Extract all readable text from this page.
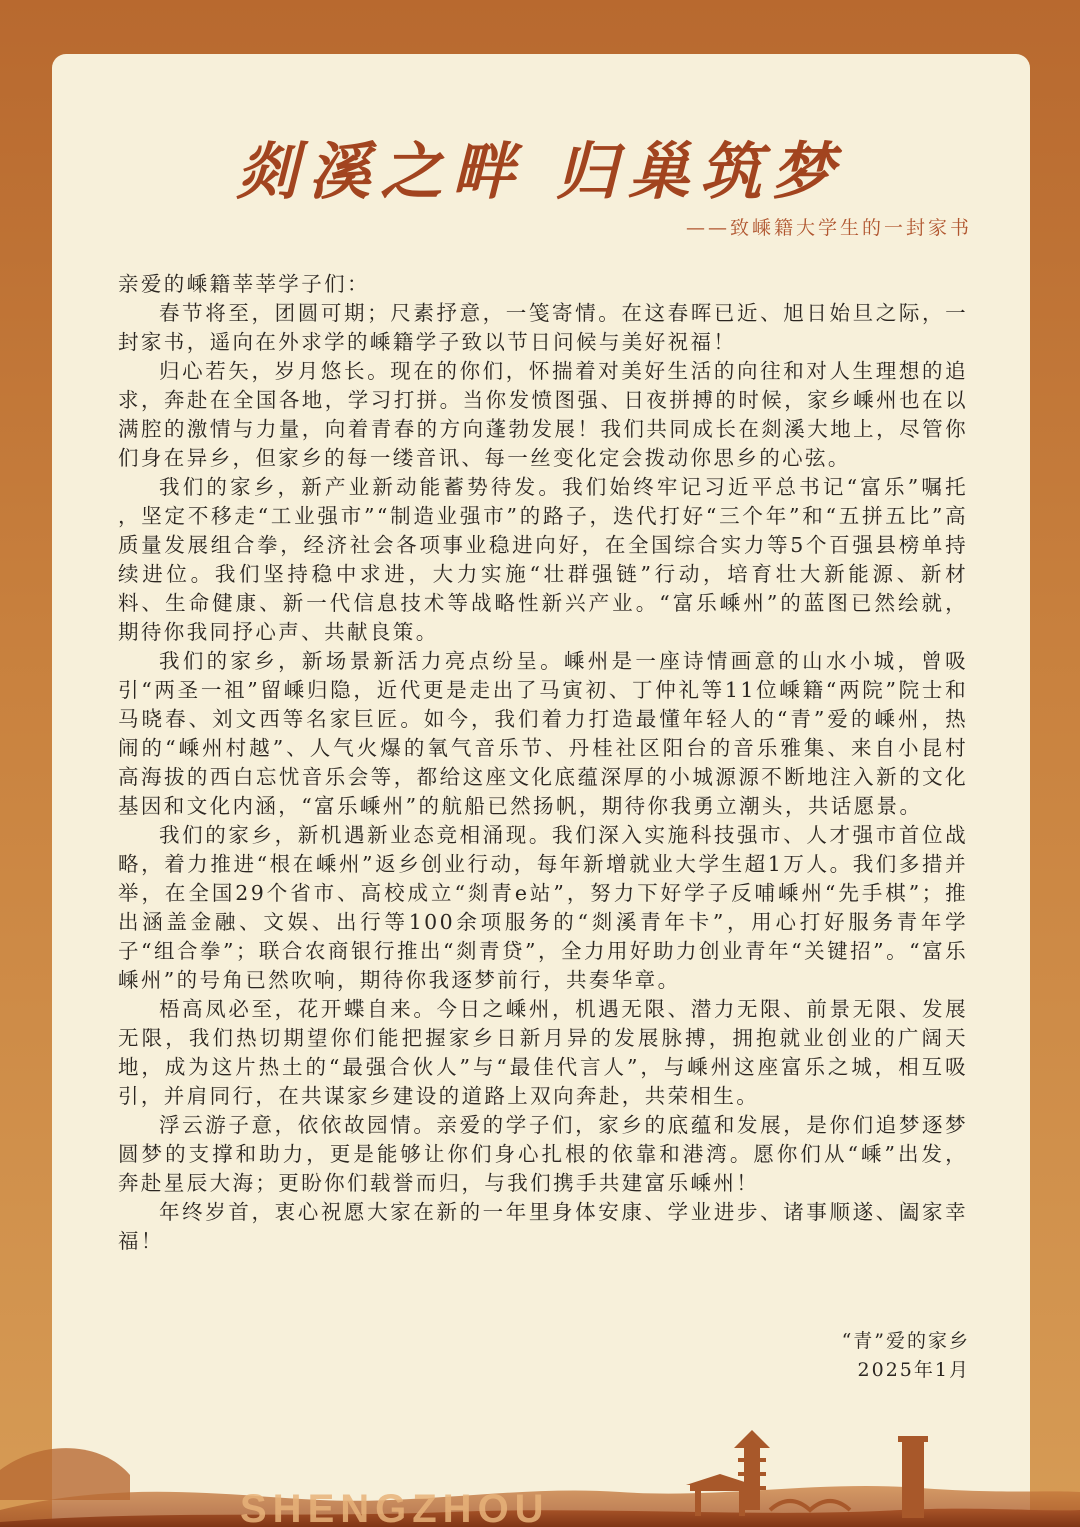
剡溪之畔 归巢筑梦
——致嵊籍大学生的一封家书

亲爱的嵊籍莘莘学子们：

春节将至，团圆可期；尺素抒意，一笺寄情。在这春晖已近、旭日始旦之际，一封家书，遥向在外求学的嵊籍学子致以节日问候与美好祝福！

归心若矢，岁月悠长。现在的你们，怀揣着对美好生活的向往和对人生理想的追求，奔赴在全国各地，学习打拼。当你发愤图强、日夜拼搏的时候，家乡嵊州也在以满腔的激情与力量，向着青春的方向蓬勃发展！我们共同成长在剡溪大地上，尽管你们身在异乡，但家乡的每一缕音讯、每一丝变化定会拨动你思乡的心弦。

我们的家乡，新产业新动能蓄势待发。我们始终牢记习近平总书记“富乐”嘱托 ，坚定不移走“工业强市”“制造业强市”的路子，迭代打好“三个年”和“五拼五比”高质量发展组合拳，经济社会各项事业稳进向好，在全国综合实力等5个百强县榜单持续进位。我们坚持稳中求进，大力实施“壮群强链”行动，培育壮大新能源、新材料、生命健康、新一代信息技术等战略性新兴产业。“富乐嵊州”的蓝图已然绘就，期待你我同抒心声、共献良策。

我们的家乡，新场景新活力亮点纷呈。嵊州是一座诗情画意的山水小城，曾吸引“两圣一祖”留嵊归隐，近代更是走出了马寅初、丁仲礼等11位嵊籍“两院”院士和马晓春、刘文西等名家巨匠。如今，我们着力打造最懂年轻人的“青”爱的嵊州，热闹的“嵊州村越”、人气火爆的氧气音乐节、丹桂社区阳台的音乐雅集、来自小昆村高海拔的西白忘忧音乐会等，都给这座文化底蕴深厚的小城源源不断地注入新的文化基因和文化内涵，“富乐嵊州”的航船已然扬帆，期待你我勇立潮头，共话愿景。

我们的家乡，新机遇新业态竞相涌现。我们深入实施科技强市、人才强市首位战略，着力推进“根在嵊州”返乡创业行动，每年新增就业大学生超1万人。我们多措并举，在全国29个省市、高校成立“剡青e站”，努力下好学子反哺嵊州“先手棋”；推出涵盖金融、文娱、出行等100余项服务的“剡溪青年卡”，用心打好服务青年学子“组合拳”；联合农商银行推出“剡青贷”，全力用好助力创业青年“关键招”。“富乐嵊州”的号角已然吹响，期待你我逐梦前行，共奏华章。

梧高凤必至，花开蝶自来。今日之嵊州，机遇无限、潜力无限、前景无限、发展无限，我们热切期望你们能把握家乡日新月异的发展脉搏，拥抱就业创业的广阔天地，成为这片热土的“最强合伙人”与“最佳代言人”，与嵊州这座富乐之城，相互吸引，并肩同行，在共谋家乡建设的道路上双向奔赴，共荣相生。

浮云游子意，依依故园情。亲爱的学子们，家乡的底蕴和发展，是你们追梦逐梦圆梦的支撑和助力，更是能够让你们身心扎根的依靠和港湾。愿你们从“嵊”出发，奔赴星辰大海；更盼你们载誉而归，与我们携手共建富乐嵊州！

年终岁首，衷心祝愿大家在新的一年里身体安康、学业进步、诸事顺遂、阖家幸福！

“青”爱的家乡
2025年1月
SHENGZHOU
